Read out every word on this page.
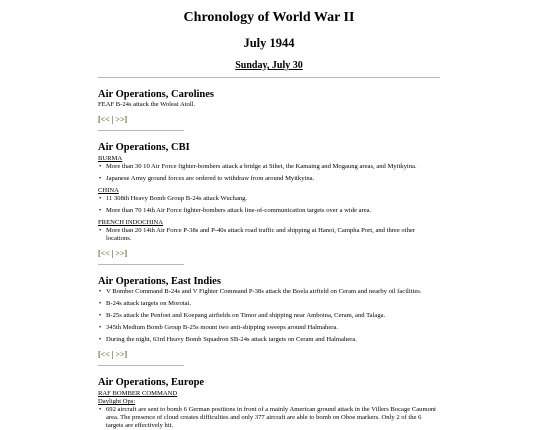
Chronology of World War II
July 1944
Sunday, July 30
Air Operations, Carolines
FEAF B-24s attack the Woleai Atoll.
[<< | >>]
Air Operations, CBI
BURMA
• More than 30 10 Air Force fighter-bombers attack a bridge at Sihet, the Kamaing and Mogaung areas, and Myitkyina.
• Japanese Army ground forces are ordered to withdraw from around Myitkyina.
CHINA
• 11 308th Heavy Bomb Group B-24s attack Wuchang.
• More than 70 14th Air Force fighter-bombers attack line-of-communication targets over a wide area.
FRENCH INDOCHINA
• More than 20 14th Air Force P-38s and P-40s attack road traffic and shipping at Hanoi, Campha Port, and three other locations.
[<< | >>]
Air Operations, East Indies
• V Bomber Command B-24s and V Fighter Command P-38s attack the Boela airfield on Ceram and nearby oil facilities.
• B-24s attack targets on Morotai.
• B-25s attack the Penfoei and Koepang airfields on Timor and shipping near Amboina, Ceram, and Talaga.
• 345th Medium Bomb Group B-25s mount two anti-shipping sweeps around Halmahera.
• During the night, 63rd Heavy Bomb Squadron SB-24s attack targets on Ceram and Halmahera.
[<< | >>]
Air Operations, Europe
RAF BOMBER COMMAND
Daylight Ops:
• 692 aircraft are sent to bomb 6 German positions in front of a mainly American ground attack in the Villers Bocage Caumont area. The presence of cloud creates difficulties and only 377 aircraft are able to bomb on Oboe markers. Only 2 of the 6 targets are effectively hit.
